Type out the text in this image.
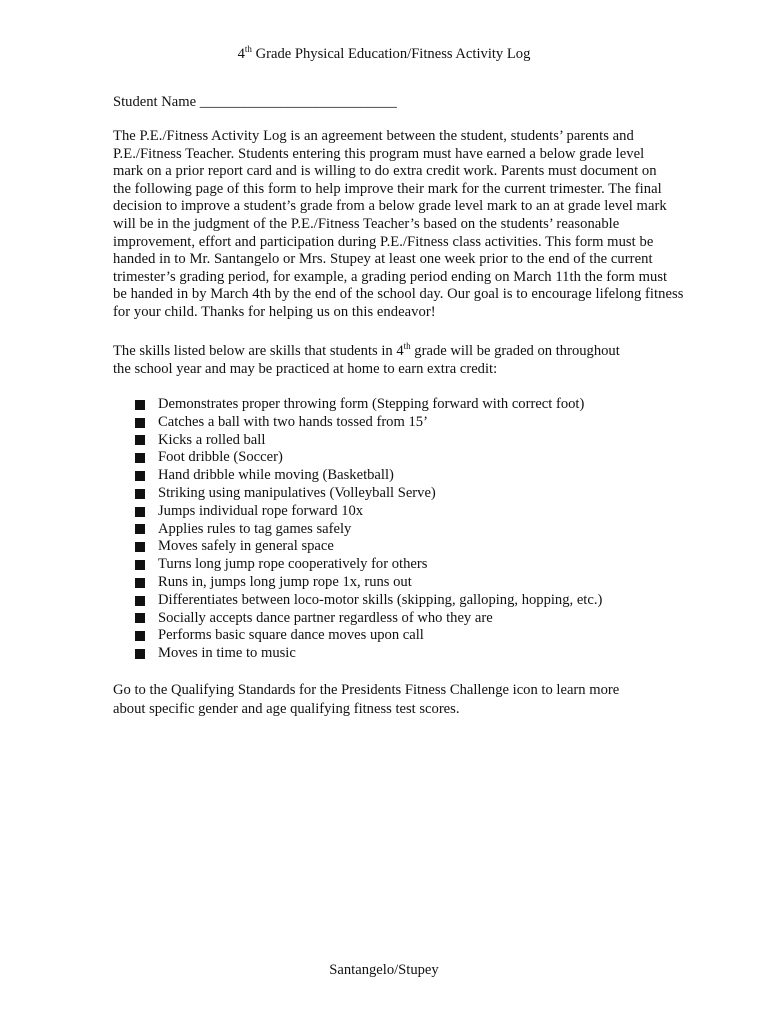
4th Grade Physical Education/Fitness Activity Log
Student Name ___________________________
The P.E./Fitness Activity Log is an agreement between the student, students’ parents and
P.E./Fitness Teacher. Students entering this program must have earned a below grade level
mark on a prior report card and is willing to do extra credit work. Parents must document on
the following page of this form to help improve their mark for the current trimester. The final
decision to improve a student’s grade from a below grade level mark to an at grade level mark
will be in the judgment of the P.E./Fitness Teacher’s based on the students’ reasonable
improvement, effort and participation during P.E./Fitness class activities. This form must be
handed in to Mr. Santangelo or Mrs. Stupey at least one week prior to the end of the current
trimester’s grading period, for example, a grading period ending on March 11th the form must
be handed in by March 4th by the end of the school day. Our goal is to encourage lifelong fitness
for your child. Thanks for helping us on this endeavor!
The skills listed below are skills that students in 4th grade will be graded on throughout
the school year and may be practiced at home to earn extra credit:
Demonstrates proper throwing form (Stepping forward with correct foot)
Catches a ball with two hands tossed from 15’
Kicks a rolled ball
Foot dribble (Soccer)
Hand dribble while moving (Basketball)
Striking using manipulatives (Volleyball Serve)
Jumps individual rope forward 10x
Applies rules to tag games safely
Moves safely in general space
Turns long jump rope cooperatively for others
Runs in, jumps long jump rope 1x, runs out
Differentiates between loco-motor skills (skipping, galloping, hopping, etc.)
Socially accepts dance partner regardless of who they are
Performs basic square dance moves upon call
Moves in time to music
Go to the Qualifying Standards for the Presidents Fitness Challenge icon to learn more
about specific gender and age qualifying fitness test scores.
Santangelo/Stupey
